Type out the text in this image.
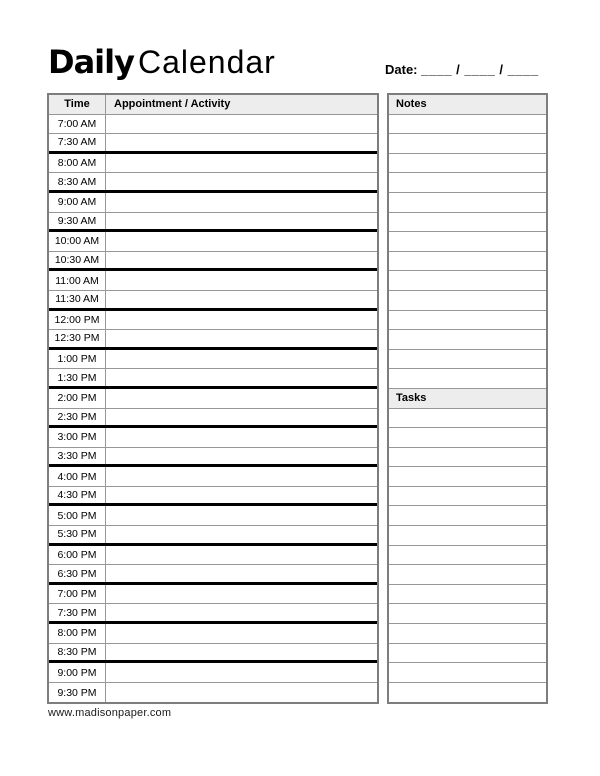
Daily Calendar	Date: ____ / ____ / ____
Time	Appointment / Activity
7:00 AM
7:30 AM
8:00 AM
8:30 AM
9:00 AM
9:30 AM
10:00 AM
10:30 AM
11:00 AM
11:30 AM
12:00 PM
12:30 PM
1:00 PM
1:30 PM
2:00 PM
2:30 PM
3:00 PM
3:30 PM
4:00 PM
4:30 PM
5:00 PM
5:30 PM
6:00 PM
6:30 PM
7:00 PM
7:30 PM
8:00 PM
8:30 PM
9:00 PM
9:30 PM
Notes
Tasks
www.madisonpaper.com
